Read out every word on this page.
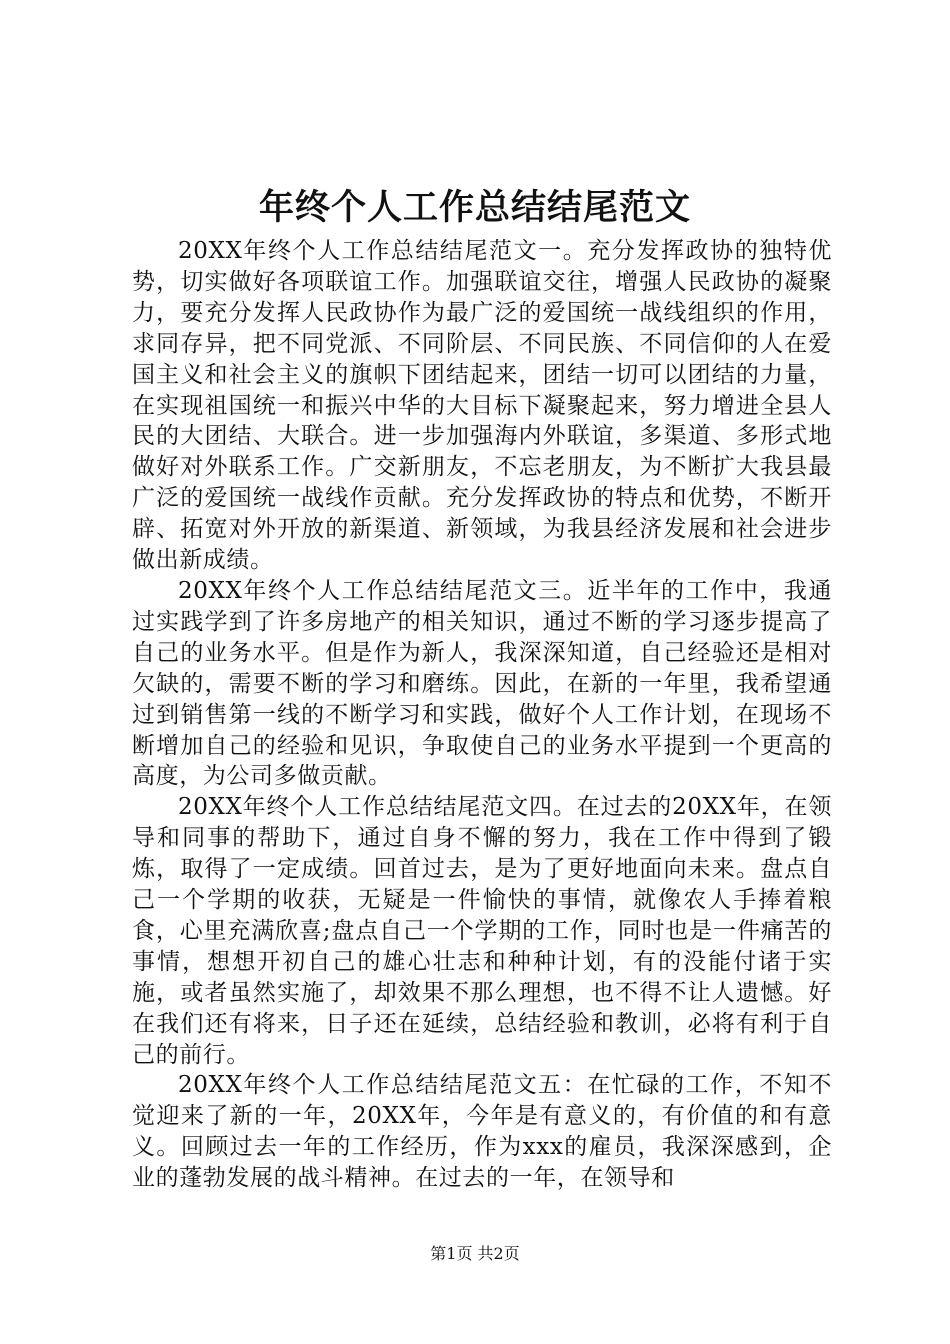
年终个人工作总结结尾范文

20XX年终个人工作总结结尾范文一。充分发挥政协的独特优势，切实做好各项联谊工作。加强联谊交往，增强人民政协的凝聚力，要充分发挥人民政协作为最广泛的爱国统一战线组织的作用，求同存异，把不同党派、不同阶层、不同民族、不同信仰的人在爱国主义和社会主义的旗帜下团结起来，团结一切可以团结的力量，在实现祖国统一和振兴中华的大目标下凝聚起来，努力增进全县人民的大团结、大联合。进一步加强海内外联谊，多渠道、多形式地做好对外联系工作。广交新朋友，不忘老朋友，为不断扩大我县最广泛的爱国统一战线作贡献。充分发挥政协的特点和优势，不断开辟、拓宽对外开放的新渠道、新领域，为我县经济发展和社会进步做出新成绩。

20XX年终个人工作总结结尾范文三。近半年的工作中，我通过实践学到了许多房地产的相关知识，通过不断的学习逐步提高了自己的业务水平。但是作为新人，我深深知道，自己经验还是相对欠缺的，需要不断的学习和磨练。因此，在新的一年里，我希望通过到销售第一线的不断学习和实践，做好个人工作计划，在现场不断增加自己的经验和见识，争取使自己的业务水平提到一个更高的高度，为公司多做贡献。

20XX年终个人工作总结结尾范文四。在过去的20XX年，在领导和同事的帮助下，通过自身不懈的努力，我在工作中得到了锻炼，取得了一定成绩。回首过去，是为了更好地面向未来。盘点自己一个学期的收获，无疑是一件愉快的事情，就像农人手捧着粮食，心里充满欣喜;盘点自己一个学期的工作，同时也是一件痛苦的事情，想想开初自己的雄心壮志和种种计划，有的没能付诸于实施，或者虽然实施了，却效果不那么理想，也不得不让人遗憾。好在我们还有将来，日子还在延续，总结经验和教训，必将有利于自己的前行。

20XX年终个人工作总结结尾范文五：在忙碌的工作，不知不觉迎来了新的一年，20XX年，今年是有意义的，有价值的和有意义。回顾过去一年的工作经历，作为xxx的雇员，我深深感到，企业的蓬勃发展的战斗精神。在过去的一年，在领导和

第1页 共2页
